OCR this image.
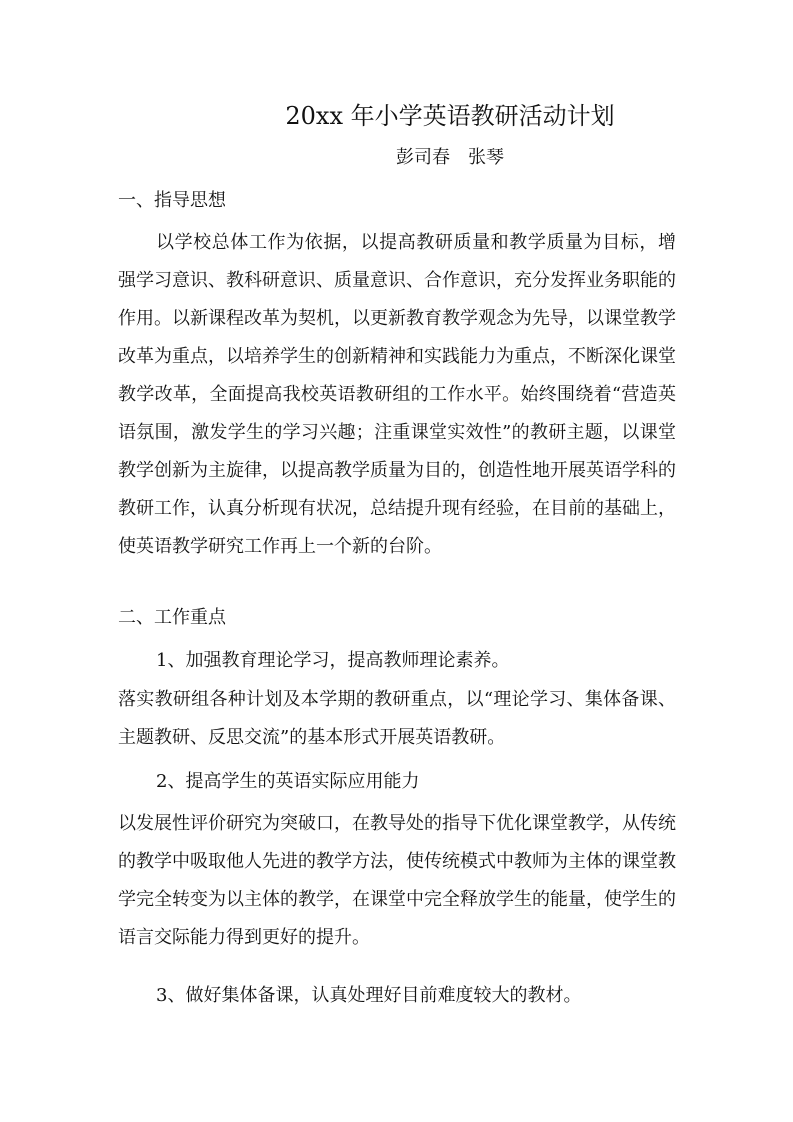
20xx 年小学英语教研活动计划

彭司春　张琴

一、指导思想

以学校总体工作为依据，以提高教研质量和教学质量为目标，增强学习意识、教科研意识、质量意识、合作意识，充分发挥业务职能的作用。以新课程改革为契机，以更新教育教学观念为先导，以课堂教学改革为重点，以培养学生的创新精神和实践能力为重点，不断深化课堂教学改革，全面提高我校英语教研组的工作水平。始终围绕着“营造英语氛围，激发学生的学习兴趣；注重课堂实效性”的教研主题，以课堂教学创新为主旋律，以提高教学质量为目的，创造性地开展英语学科的教研工作，认真分析现有状况，总结提升现有经验，在目前的基础上，使英语教学研究工作再上一个新的台阶。

二、工作重点

1、加强教育理论学习，提高教师理论素养。

落实教研组各种计划及本学期的教研重点，以“理论学习、集体备课、主题教研、反思交流”的基本形式开展英语教研。

2、提高学生的英语实际应用能力

以发展性评价研究为突破口，在教导处的指导下优化课堂教学，从传统的教学中吸取他人先进的教学方法，使传统模式中教师为主体的课堂教学完全转变为以主体的教学，在课堂中完全释放学生的能量，使学生的语言交际能力得到更好的提升。

3、做好集体备课，认真处理好目前难度较大的教材。
